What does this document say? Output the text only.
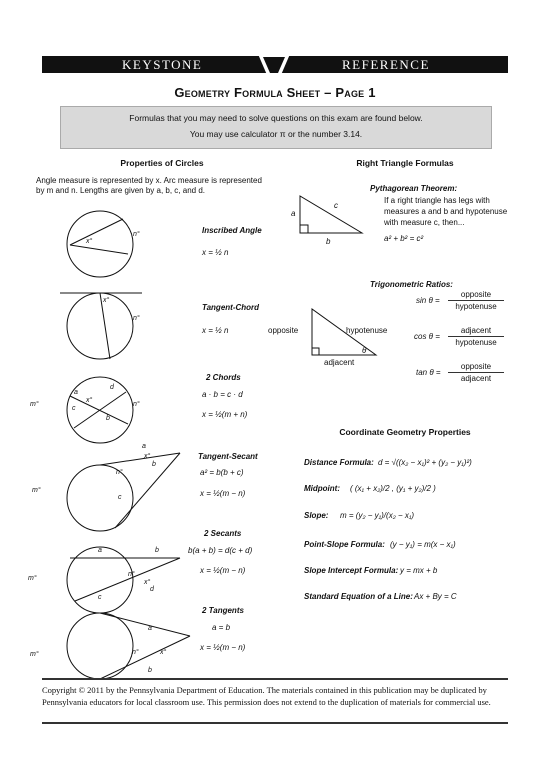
KEYSTONE	REFERENCE
Geometry Formula Sheet – Page 1
Formulas that you may need to solve questions on this exam are found below.
You may use calculator π or the number 3.14.
Properties of Circles
Angle measure is represented by x. Arc measure is represented
by m and n. Lengths are given by a, b, c, and d.
n°
x°
x°
n°
m°
x°
n°
a
d
c
b
m°
n°
x°
a
b
c
m°
n°
x°
a	b
c
d
m°	n°	x°
a
b
Inscribed Angle
x = ½ n
Tangent-Chord
x = ½ n
2 Chords
a · b = c · d
x = ½(m + n)
Tangent-Secant
a² = b(b + c)
x = ½(m − n)
2 Secants
b(a + b) = d(c + d)
x = ½(m − n)
2 Tangents
a = b
x = ½(m − n)
Right Triangle Formulas
a
c
b
Pythagorean Theorem:
If a right triangle has legs with
measures a and b and hypotenuse
with measure c, then...
a² + b² = c²
Trigonometric Ratios:
opposite	hypotenuse
adjacent
θ
sin θ =
opposite
hypotenuse
cos θ =
adjacent
hypotenuse
tan θ =
opposite
adjacent
Coordinate Geometry Properties
Distance Formula: d = √((x₂ − x₁)² + (y₂ − y₁)²)
Midpoint: ( (x₁ + x₂)/2 , (y₁ + y₂)/2 )
Slope: m = (y₂ − y₁)/(x₂ − x₁)
Point-Slope Formula: (y − y₁) = m(x − x₁)
Slope Intercept Formula: y = mx + b
Standard Equation of a Line: Ax + By = C
Copyright © 2011 by the Pennsylvania Department of Education. The materials contained in this publication may be duplicated by Pennsylvania educators for local classroom use. This permission does not extend to the duplication of materials for commercial use.
